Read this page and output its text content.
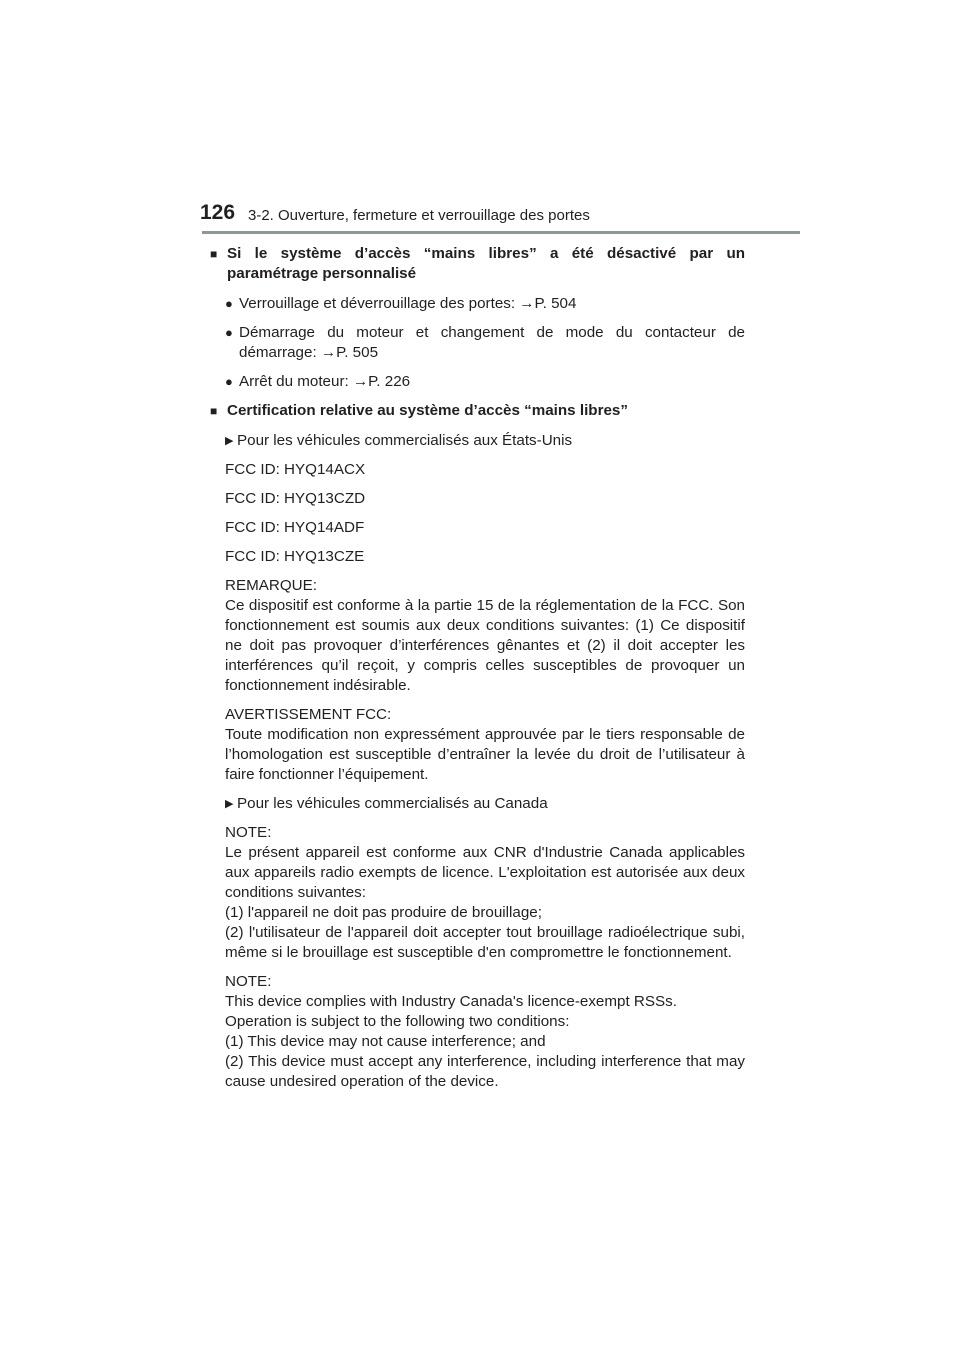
126 3-2. Ouverture, fermeture et verrouillage des portes
■ Si le système d’accès “mains libres” a été désactivé par un paramétrage personnalisé
● Verrouillage et déverrouillage des portes: →P. 504
● Démarrage du moteur et changement de mode du contacteur de démarrage: →P. 505
● Arrêt du moteur: →P. 226
■ Certification relative au système d’accès “mains libres”
▶ Pour les véhicules commercialisés aux États-Unis
FCC ID: HYQ14ACX
FCC ID: HYQ13CZD
FCC ID: HYQ14ADF
FCC ID: HYQ13CZE
REMARQUE:
Ce dispositif est conforme à la partie 15 de la réglementation de la FCC. Son fonctionnement est soumis aux deux conditions suivantes: (1) Ce dispositif ne doit pas provoquer d’interférences gênantes et (2) il doit accepter les interférences qu’il reçoit, y compris celles susceptibles de provoquer un fonctionnement indésirable.
AVERTISSEMENT FCC:
Toute modification non expressément approuvée par le tiers responsable de l’homologation est susceptible d’entraîner la levée du droit de l’utilisateur à faire fonctionner l’équipement.
▶ Pour les véhicules commercialisés au Canada
NOTE:
Le présent appareil est conforme aux CNR d'Industrie Canada applicables aux appareils radio exempts de licence. L'exploitation est autorisée aux deux conditions suivantes:
(1) l'appareil ne doit pas produire de brouillage;
(2) l'utilisateur de l'appareil doit accepter tout brouillage radioélectrique subi, même si le brouillage est susceptible d'en compromettre le fonctionnement.
NOTE:
This device complies with Industry Canada's licence-exempt RSSs.
Operation is subject to the following two conditions:
(1) This device may not cause interference; and
(2) This device must accept any interference, including interference that may cause undesired operation of the device.
